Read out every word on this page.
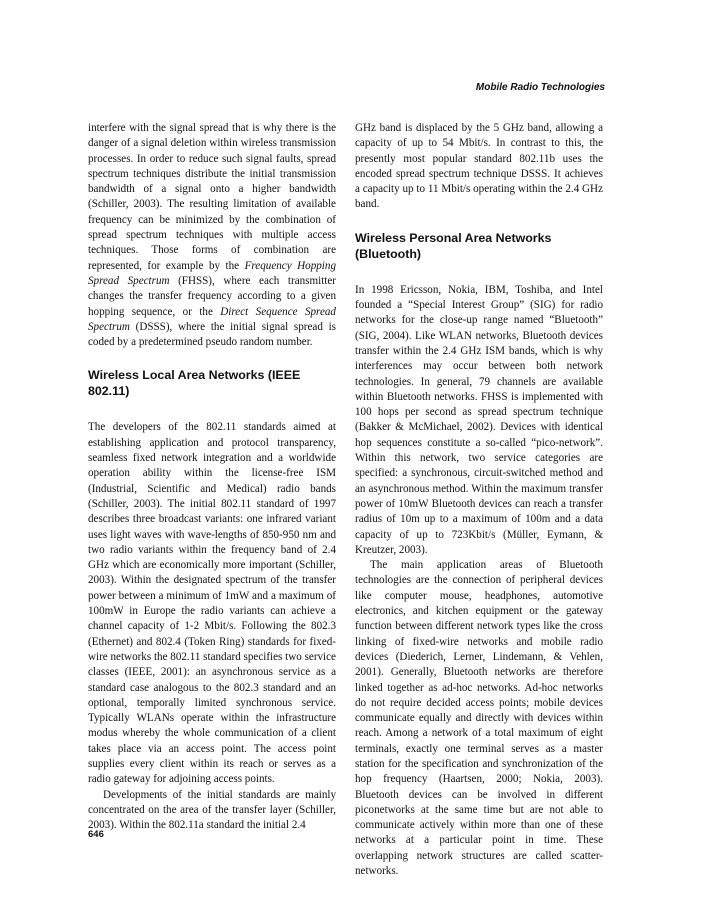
Mobile Radio Technologies

interfere with the signal spread that is why there is the danger of a signal deletion within wireless transmission processes. In order to reduce such signal faults, spread spectrum techniques distribute the initial transmission bandwidth of a signal onto a higher bandwidth (Schiller, 2003). The resulting limitation of available frequency can be minimized by the combination of spread spectrum techniques with multiple access techniques. Those forms of combination are represented, for example by the Frequency Hopping Spread Spectrum (FHSS), where each transmitter changes the transfer frequency according to a given hopping sequence, or the Direct Sequence Spread Spectrum (DSSS), where the initial signal spread is coded by a predetermined pseudo random number.

Wireless Local Area Networks (IEEE 802.11)

The developers of the 802.11 standards aimed at establishing application and protocol transparency, seamless fixed network integration and a worldwide operation ability within the license-free ISM (Industrial, Scientific and Medical) radio bands (Schiller, 2003). The initial 802.11 standard of 1997 describes three broadcast variants: one infrared variant uses light waves with wave-lengths of 850-950 nm and two radio variants within the frequency band of 2.4 GHz which are economically more important (Schiller, 2003). Within the designated spectrum of the transfer power between a minimum of 1mW and a maximum of 100mW in Europe the radio variants can achieve a channel capacity of 1-2 Mbit/s. Following the 802.3 (Ethernet) and 802.4 (Token Ring) standards for fixed-wire networks the 802.11 standard specifies two service classes (IEEE, 2001): an asynchronous service as a standard case analogous to the 802.3 standard and an optional, temporally limited synchronous service. Typically WLANs operate within the infrastructure modus whereby the whole communication of a client takes place via an access point. The access point supplies every client within its reach or serves as a radio gateway for adjoining access points.

Developments of the initial standards are mainly concentrated on the area of the transfer layer (Schiller, 2003). Within the 802.11a standard the initial 2.4

GHz band is displaced by the 5 GHz band, allowing a capacity of up to 54 Mbit/s. In contrast to this, the presently most popular standard 802.11b uses the encoded spread spectrum technique DSSS. It achieves a capacity up to 11 Mbit/s operating within the 2.4 GHz band.

Wireless Personal Area Networks (Bluetooth)

In 1998 Ericsson, Nokia, IBM, Toshiba, and Intel founded a “Special Interest Group” (SIG) for radio networks for the close-up range named “Bluetooth” (SIG, 2004). Like WLAN networks, Bluetooth devices transfer within the 2.4 GHz ISM bands, which is why interferences may occur between both network technologies. In general, 79 channels are available within Bluetooth networks. FHSS is implemented with 100 hops per second as spread spectrum technique (Bakker & McMichael, 2002). Devices with identical hop sequences constitute a so-called “pico-network”. Within this network, two service categories are specified: a synchronous, circuit-switched method and an asynchronous method. Within the maximum transfer power of 10mW Bluetooth devices can reach a transfer radius of 10m up to a maximum of 100m and a data capacity of up to 723Kbit/s (Müller, Eymann, & Kreutzer, 2003).

The main application areas of Bluetooth technologies are the connection of peripheral devices like computer mouse, headphones, automotive electronics, and kitchen equipment or the gateway function between different network types like the cross linking of fixed-wire networks and mobile radio devices (Diederich, Lerner, Lindemann, & Vehlen, 2001). Generally, Bluetooth networks are therefore linked together as ad-hoc networks. Ad-hoc networks do not require decided access points; mobile devices communicate equally and directly with devices within reach. Among a network of a total maximum of eight terminals, exactly one terminal serves as a master station for the specification and synchronization of the hop frequency (Haartsen, 2000; Nokia, 2003). Bluetooth devices can be involved in different piconetworks at the same time but are not able to communicate actively within more than one of these networks at a particular point in time. These overlapping network structures are called scatter-networks.

646
